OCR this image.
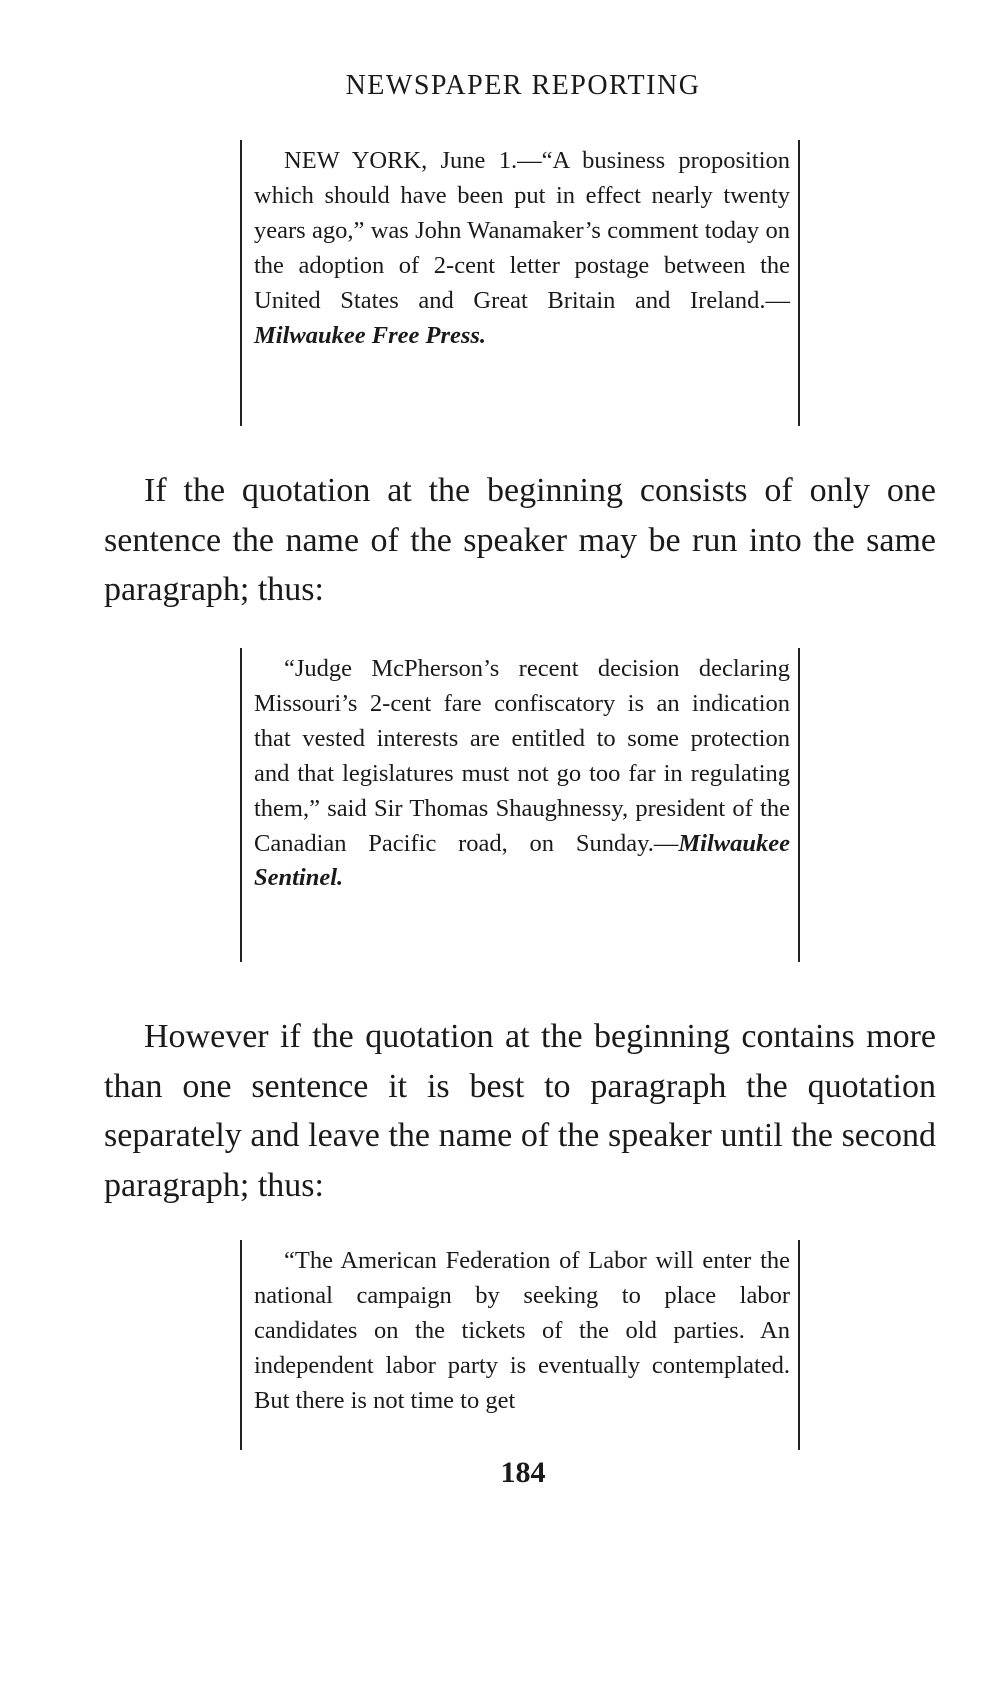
NEWSPAPER REPORTING

NEW YORK, June 1.—“A business proposition which should have been put in effect nearly twenty years ago,” was John Wanamaker’s comment today on the adoption of 2-cent letter postage between the United States and Great Britain and Ireland.—Milwaukee Free Press.

If the quotation at the beginning consists of only one sentence the name of the speaker may be run into the same paragraph; thus:

“Judge McPherson’s recent decision declaring Missouri’s 2-cent fare confiscatory is an indication that vested interests are entitled to some protection and that legislatures must not go too far in regulating them,” said Sir Thomas Shaughnessy, president of the Canadian Pacific road, on Sunday.—Milwaukee Sentinel.

However if the quotation at the beginning contains more than one sentence it is best to paragraph the quotation separately and leave the name of the speaker until the second paragraph; thus:

“The American Federation of Labor will enter the national campaign by seeking to place labor candidates on the tickets of the old parties. An independent labor party is eventually contemplated. But there is not time to get

184
